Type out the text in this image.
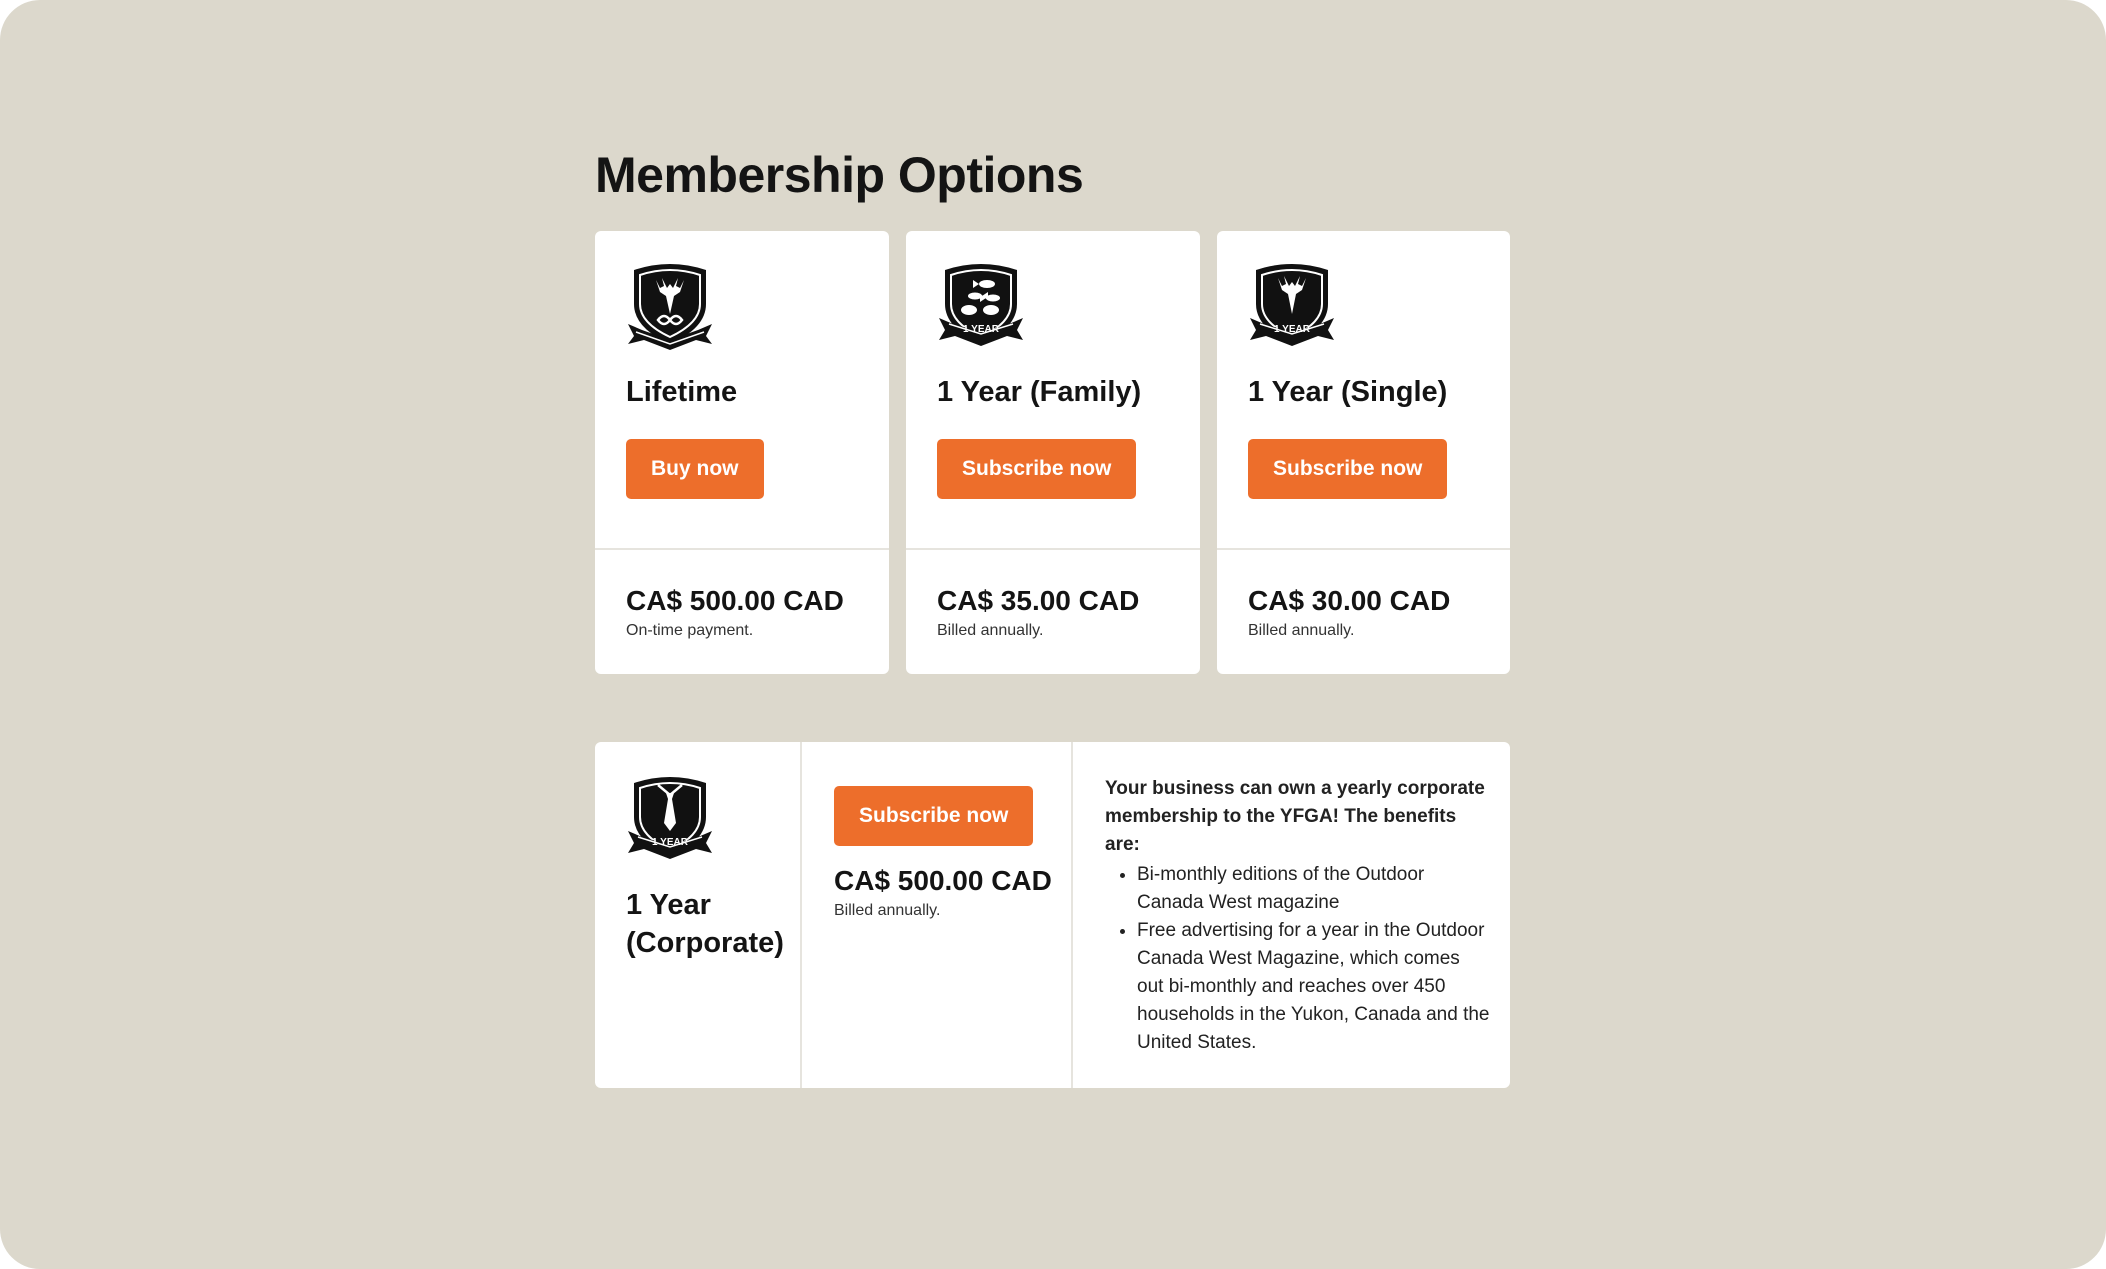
Membership Options
Lifetime
Buy now

CA$ 500.00 CAD

On-time payment.

1 YEAR
1 Year (Family)
Subscribe now

CA$ 35.00 CAD

Billed annually.

1 YEAR
1 Year (Single)
Subscribe now

CA$ 30.00 CAD

Billed annually.

1 YEAR
1 Year
(Corporate)
Subscribe now

CA$ 500.00 CAD

Billed annually.

Your business can own a yearly corporate membership to the YFGA! The benefits are:

• Bi-monthly editions of the Outdoor Canada West magazine
• Free advertising for a year in the Outdoor Canada West Magazine, which comes out bi-monthly and reaches over 450 households in the Yukon, Canada and the United States.
